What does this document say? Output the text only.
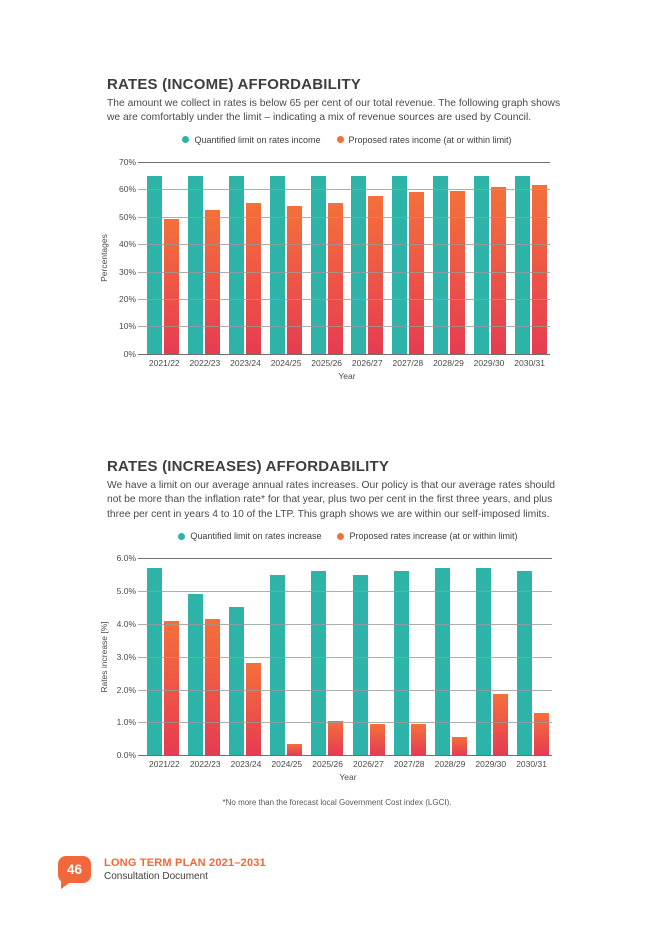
RATES (INCOME) AFFORDABILITY

The amount we collect in rates is below 65 per cent of our total revenue. The following graph shows we are comfortably under the limit – indicating a mix of revenue sources are used by Council.

Quantified limit on rates income	Proposed rates income (at or within limit)
Percentages
70%
60%
50%
40%
30%
20%
10%
0%
2021/22	2022/23	2023/24	2024/25	2025/26	2026/27	2027/28	2028/29	2029/30	2030/31
Year
RATES (INCREASES) AFFORDABILITY

We have a limit on our average annual rates increases. Our policy is that our average rates should not be more than the inflation rate* for that year, plus two per cent in the first three years, and plus three per cent in years 4 to 10 of the LTP. This graph shows we are within our self-imposed limits.

Quantified limit on rates increase	Proposed rates increase (at or within limit)
Rates increase [%]
6.0%
5.0%
4.0%
3.0%
2.0%
1.0%
0.0%
2021/22	2022/23	2023/24	2024/25	2025/26	2026/27	2027/28	2028/29	2029/30	2030/31
Year
*No more than the forecast local Government Cost index (LGCI).
46 LONG TERM PLAN 2021–2031
Consultation Document
